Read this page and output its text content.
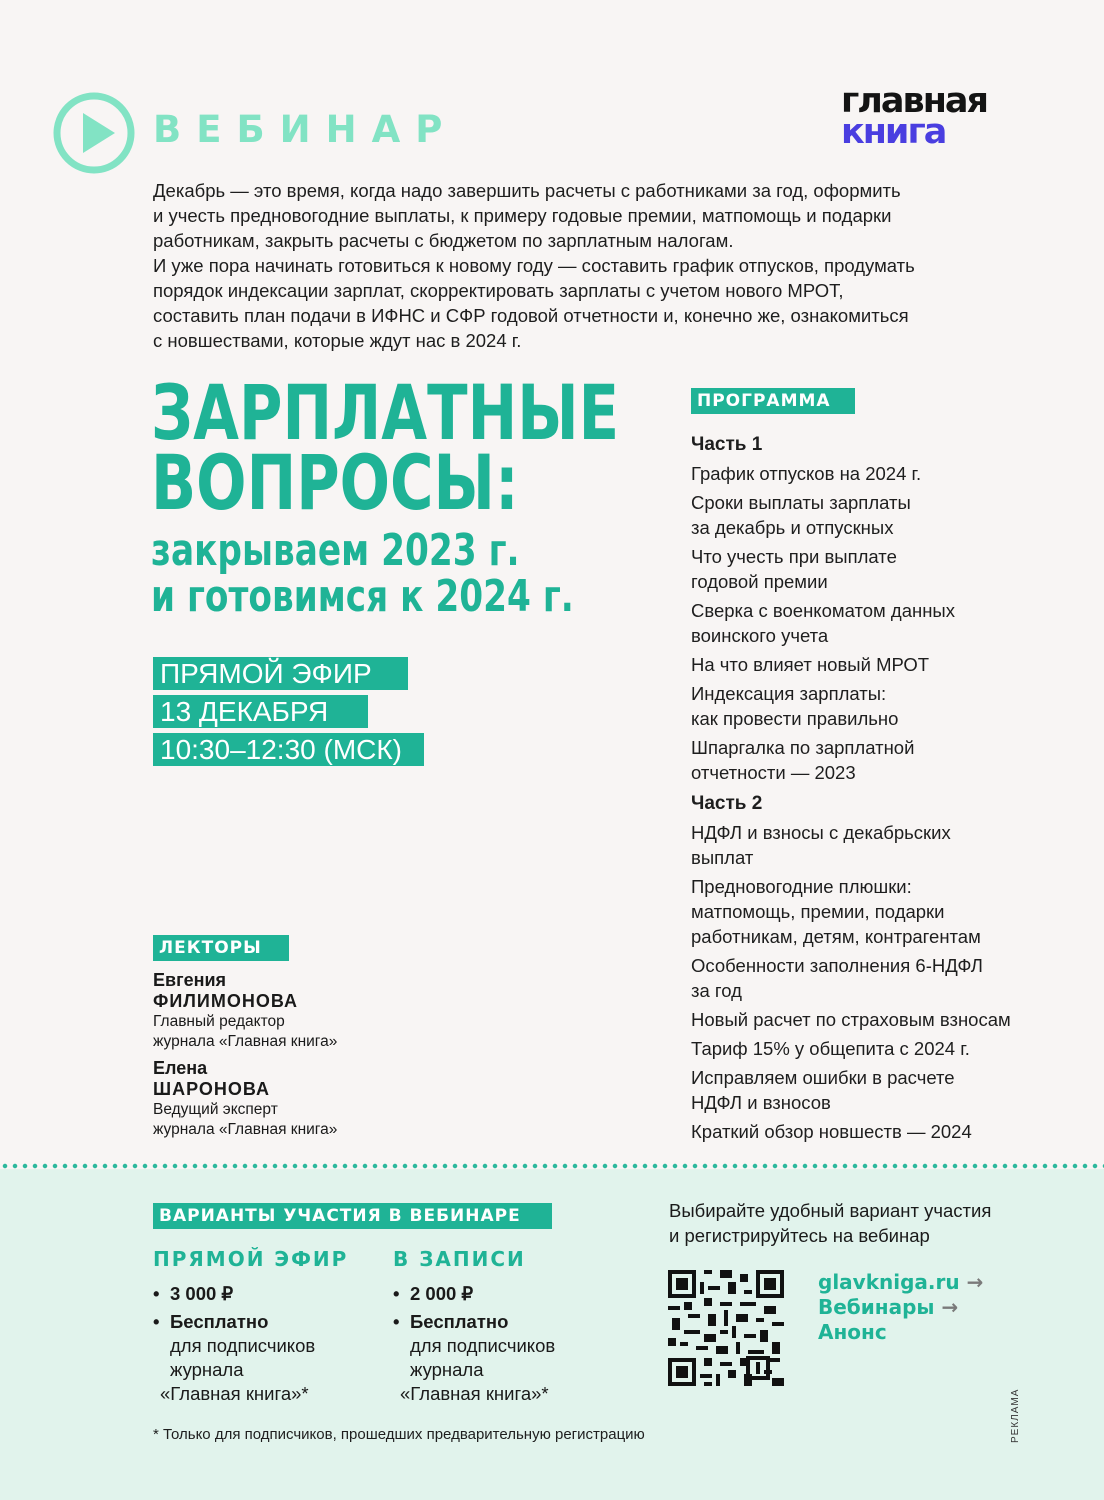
ВЕБИНАР
главная
книга

Декабрь — это время, когда надо завершить расчеты с работниками за год, оформить

и учесть предновогодние выплаты, к примеру годовые премии, матпомощь и подарки

работникам, закрыть расчеты с бюджетом по зарплатным налогам.

И уже пора начинать готовиться к новому году — составить график отпусков, продумать

порядок индексации зарплат, скорректировать зарплаты с учетом нового МРОТ,

составить план подачи в ИФНС и СФР годовой отчетности и, конечно же, ознакомиться

с новшествами, которые ждут нас в 2024 г.

ЗАРПЛАТНЫЕ
ВОПРОСЫ:
закрываем 2023 г.
и готовимся к 2024 г.
ПРЯМОЙ ЭФИР
13 ДЕКАБРЯ
10:30–12:30 (МСК)
ПРОГРАММА
Часть 1
График отпусков на 2024 г.
Сроки выплаты зарплаты
за декабрь и отпускных
Что учесть при выплате
годовой премии
Сверка с военкоматом данных
воинского учета
На что влияет новый МРОТ
Индексация зарплаты:
как провести правильно
Шпаргалка по зарплатной
отчетности — 2023
Часть 2
НДФЛ и взносы с декабрьских
выплат
Предновогодние плюшки:
матпомощь, премии, подарки
работникам, детям, контрагентам
Особенности заполнения 6-НДФЛ
за год
Новый расчет по страховым взносам
Тариф 15% у общепита с 2024 г.
Исправляем ошибки в расчете
НДФЛ и взносов
Краткий обзор новшеств — 2024
ЛЕКТОРЫ
Евгения
ФИЛИМОНОВА
Главный редактор
журнала «Главная книга»
Елена
ШАРОНОВА
Ведущий эксперт
журнала «Главная книга»
ВАРИАНТЫ УЧАСТИЯ В ВЕБИНАРЕ
ПРЯМОЙ ЭФИР
• 3 000 ₽
• Бесплатно
для подписчиков
журнала
«Главная книга»*
В ЗАПИСИ
• 2 000 ₽
• Бесплатно
для подписчиков
журнала
«Главная книга»*
Выбирайте удобный вариант участия
и регистрируйтесь на вебинар
glavkniga.ru →
Вебинары →
Анонс
* Только для подписчиков, прошедших предварительную регистрацию	РЕКЛАМА
